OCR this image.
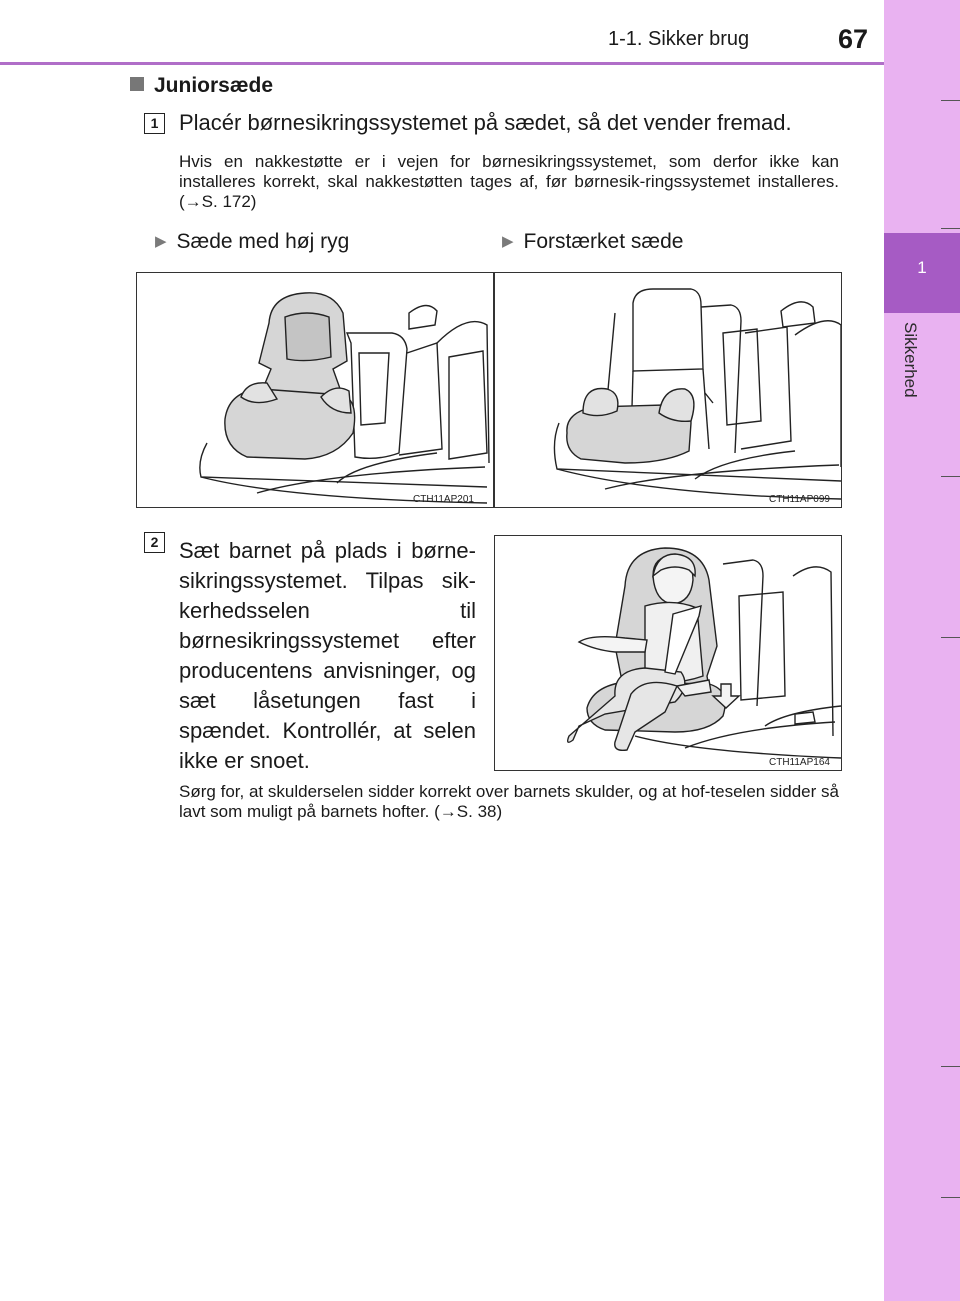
1-1. Sikker brug	67
1
Sikkerhed
Juniorsæde
1 Placér børnesikringssystemet på sædet, så det vender fremad.
Hvis en nakkestøtte er i vejen for børnesikringssystemet, som derfor ikke kan installeres korrekt, skal nakkestøtten tages af, før børnesik-ringssystemet installeres. (→S. 172)
▶ Sæde med høj ryg	▶ Forstærket sæde
CTH11AP201	CTH11AP099
2 Sæt barnet på plads i børne-sikringssystemet. Tilpas sik-kerhedsselen til børnesikringssystemet efter producentens anvisninger, og sæt låsetungen fast i spændet. Kontrollér, at selen ikke er snoet.	CTH11AP164
Sørg for, at skulderselen sidder korrekt over barnets skulder, og at hof-teselen sidder så lavt som muligt på barnets hofter. (→S. 38)
